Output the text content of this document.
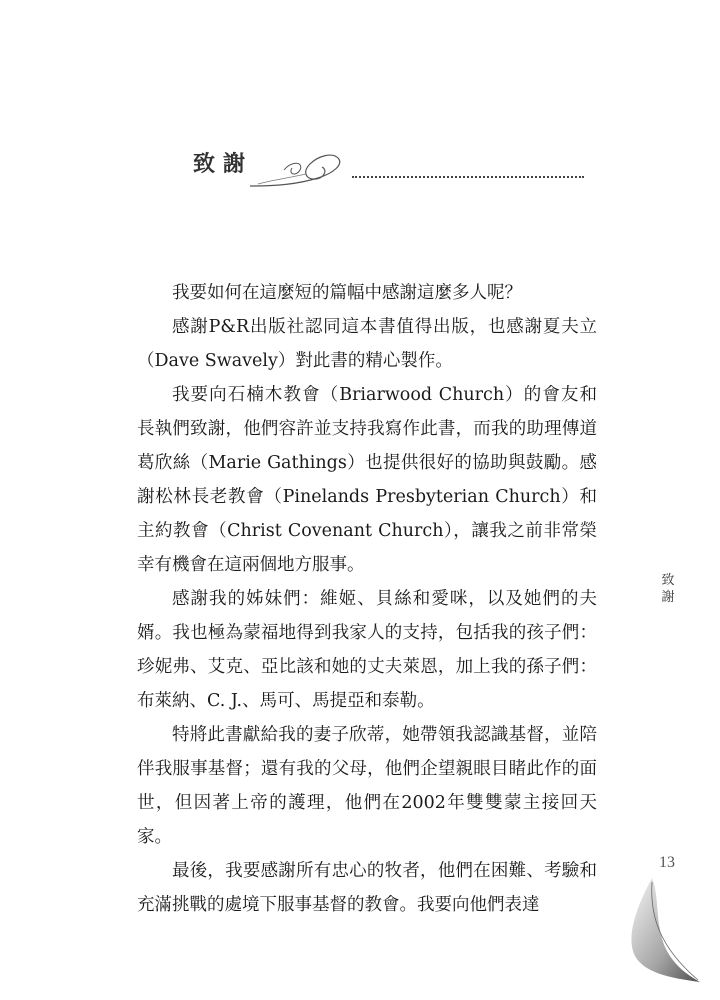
致謝

我要如何在這麼短的篇幅中感謝這麼多人呢？

感謝P&R出版社認同這本書值得出版，也感謝夏夫立（Dave Swavely）對此書的精心製作。

我要向石楠木教會（Briarwood Church）的會友和長執們致謝，他們容許並支持我寫作此書，而我的助理傳道葛欣絲（Marie Gathings）也提供很好的協助與鼓勵。感謝松林長老教會（Pinelands Presbyterian Church）和主約教會（Christ Covenant Church），讓我之前非常榮幸有機會在這兩個地方服事。

感謝我的姊妹們：維姬、貝絲和愛咪，以及她們的夫婿。我也極為蒙福地得到我家人的支持，包括我的孩子們：珍妮弗、艾克、亞比該和她的丈夫萊恩，加上我的孫子們：布萊納、C. J.、馬可、馬提亞和泰勒。

特將此書獻給我的妻子欣蒂，她帶領我認識基督，並陪伴我服事基督；還有我的父母，他們企望親眼目睹此作的面世，但因著上帝的護理，他們在2002年雙雙蒙主接回天家。

最後，我要感謝所有忠心的牧者，他們在困難、考驗和充滿挑戰的處境下服事基督的教會。我要向他們表達

致謝
13
